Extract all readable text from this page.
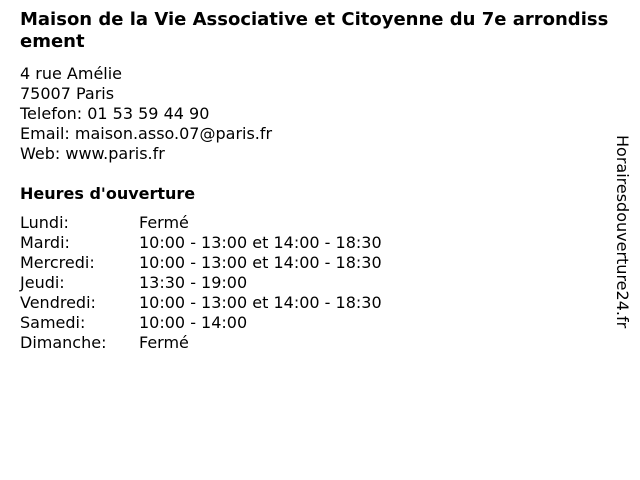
Maison de la Vie Associative et Citoyenne du 7e arrondissement
4 rue Amélie
75007 Paris
Telefon: 01 53 59 44 90
Email: maison.asso.07@paris.fr
Web: www.paris.fr
Heures d'ouverture
Lundi:	Fermé
Mardi:	10:00 - 13:00 et 14:00 - 18:30
Mercredi:	10:00 - 13:00 et 14:00 - 18:30
Jeudi:	13:30 - 19:00
Vendredi:	10:00 - 13:00 et 14:00 - 18:30
Samedi:	10:00 - 14:00
Dimanche:	Fermé
Horairesdouverture24.fr
